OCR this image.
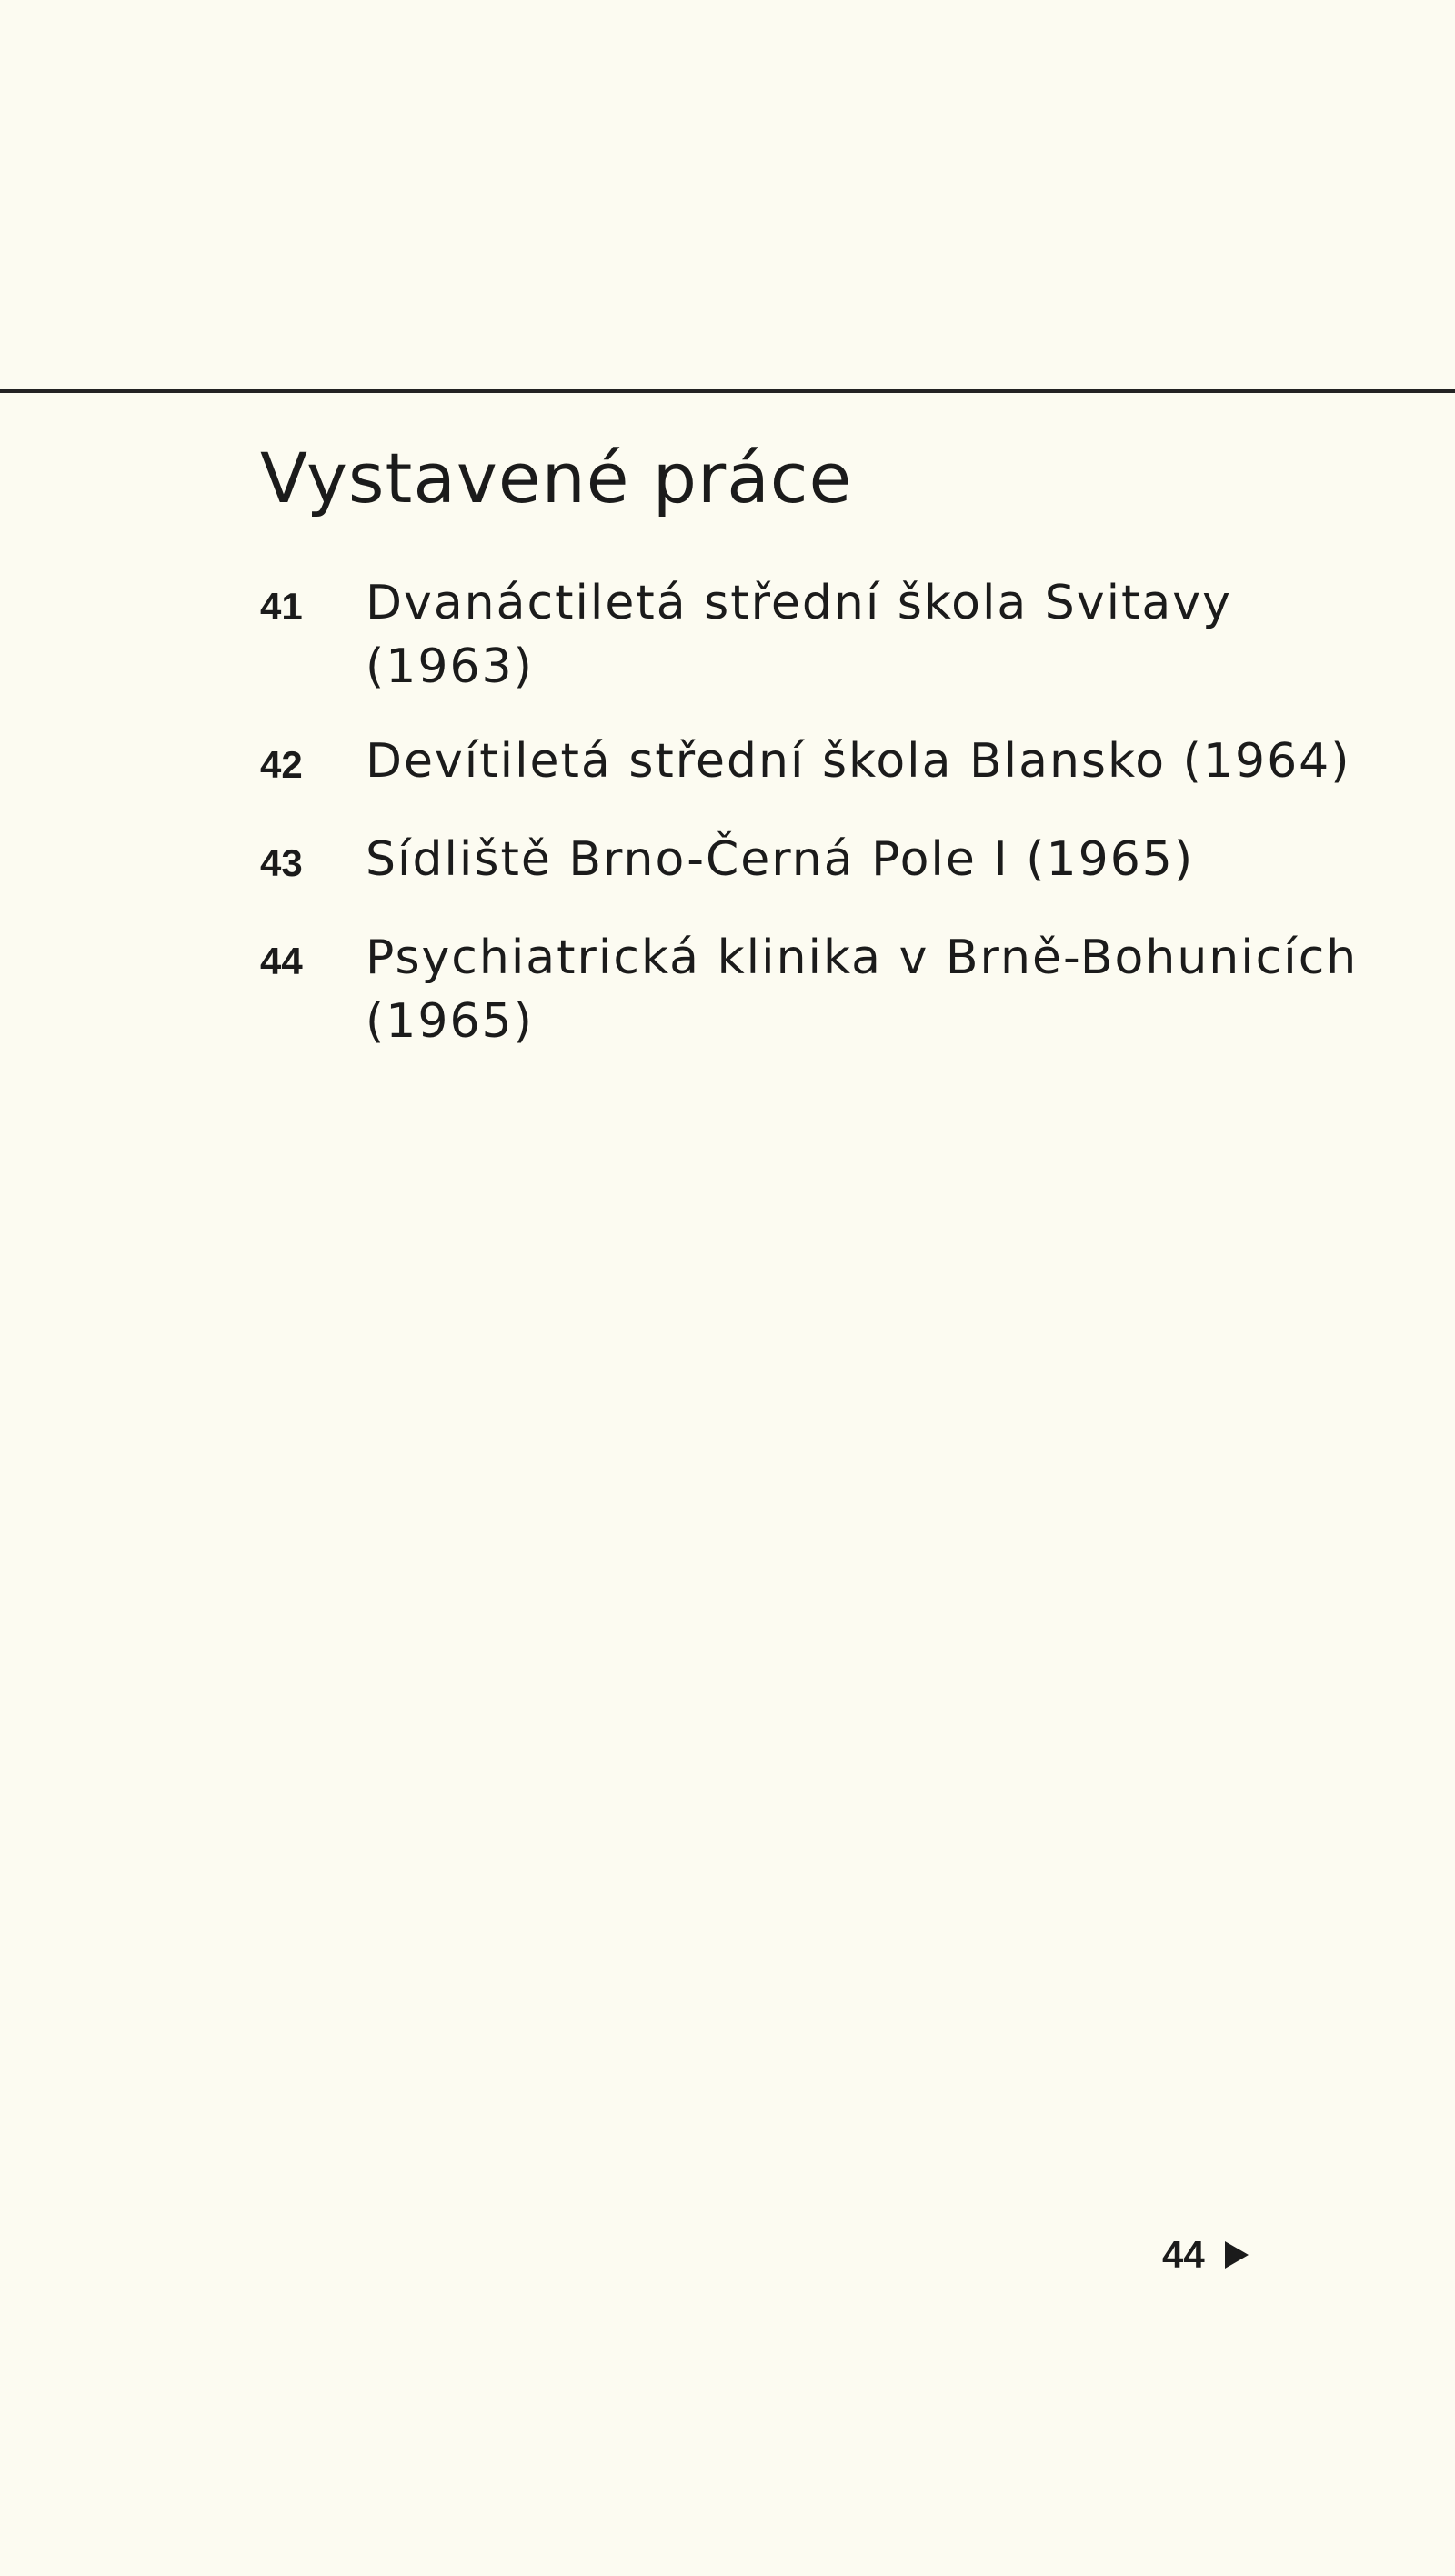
Vystavené práce
41	Dvanáctiletá střední škola Svitavy (1963)
42	Devítiletá střední škola Blansko (1964)
43	Sídliště Brno-Černá Pole I (1965)
44	Psychiatrická klinika v Brně-Bohunicích (1965)
44
